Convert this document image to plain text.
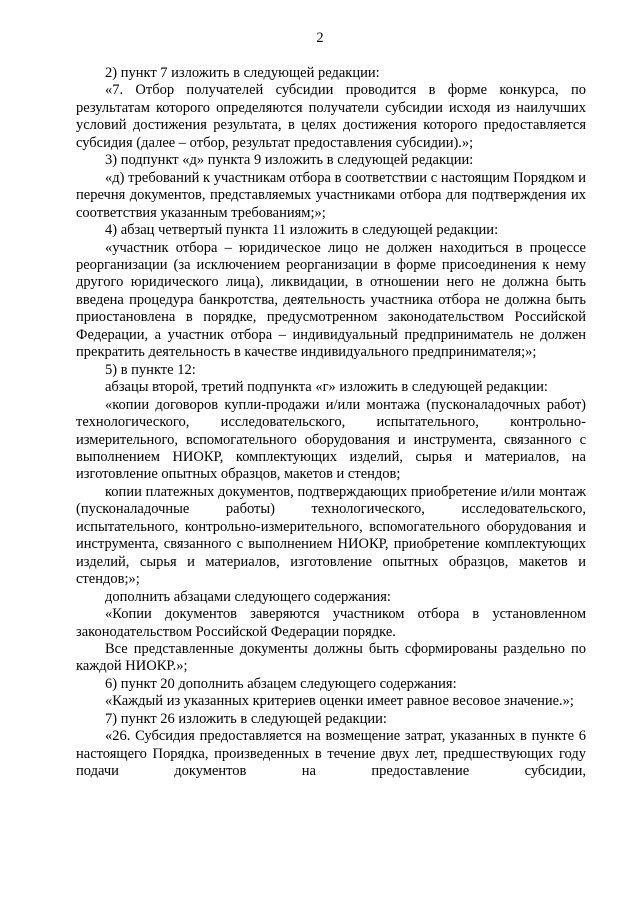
2

2) пункт 7 изложить в следующей редакции:

«7. Отбор получателей субсидии проводится в форме конкурса, по результатам которого определяются получатели субсидии исходя из наилучших условий достижения результата, в целях достижения которого предоставляется субсидия (далее – отбор, результат предоставления субсидии).»;

3) подпункт «д» пункта 9 изложить в следующей редакции:

«д) требований к участникам отбора в соответствии с настоящим Порядком и перечня документов, представляемых участниками отбора для подтверждения их соответствия указанным требованиям;»;

4) абзац четвертый пункта 11 изложить в следующей редакции:

«участник отбора – юридическое лицо не должен находиться в процессе реорганизации (за исключением реорганизации в форме присоединения к нему другого юридического лица), ликвидации, в отношении него не должна быть введена процедура банкротства, деятельность участника отбора не должна быть приостановлена в порядке, предусмотренном законодательством Российской Федерации, а участник отбора – индивидуальный предприниматель не должен прекратить деятельность в качестве индивидуального предпринимателя;»;

5) в пункте 12:

абзацы второй, третий подпункта «г» изложить в следующей редакции:

«копии договоров купли-продажи и/или монтажа (пусконаладочных работ) технологического, исследовательского, испытательного, контрольно-измерительного, вспомогательного оборудования и инструмента, связанного с выполнением НИОКР, комплектующих изделий, сырья и материалов, на изготовление опытных образцов, макетов и стендов;

копии платежных документов, подтверждающих приобретение и/или монтаж (пусконаладочные работы) технологического, исследовательского, испытательного, контрольно-измерительного, вспомогательного оборудования и инструмента, связанного с выполнением НИОКР, приобретение комплектующих изделий, сырья и материалов, изготовление опытных образцов, макетов и стендов;»;

дополнить абзацами следующего содержания:

«Копии документов заверяются участником отбора в установленном законодательством Российской Федерации порядке.

Все представленные документы должны быть сформированы раздельно по каждой НИОКР.»;

6) пункт 20 дополнить абзацем следующего содержания:

«Каждый из указанных критериев оценки имеет равное весовое значение.»;

7) пункт 26 изложить в следующей редакции:

«26. Субсидия предоставляется на возмещение затрат, указанных в пункте 6 настоящего Порядка, произведенных в течение двух лет, предшествующих году подачи документов на предоставление субсидии,
